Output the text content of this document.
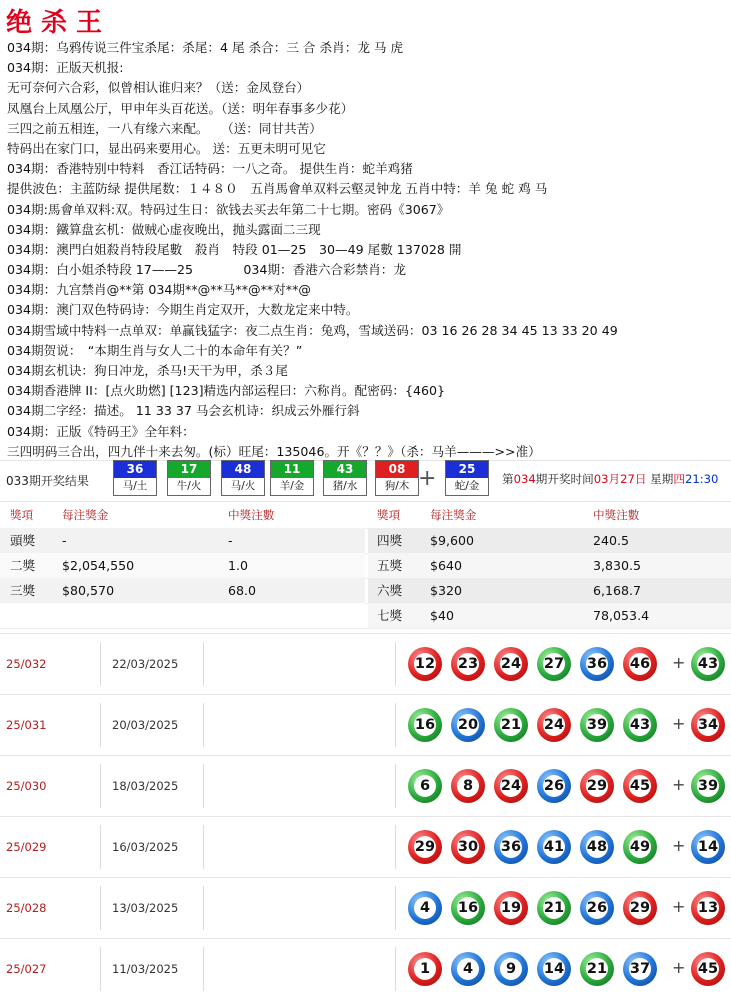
绝杀王
034期：乌鸦传说三件宝杀尾：杀尾：4 尾 杀合：三 合 杀肖：龙 马 虎
034期：正版天机报:
无可奈何六合彩，似曾相认谁归来？（送：金凤登台）
凤凰台上凤凰公厅，甲申年头百花送。（送：明年春事多少花）
三四之前五相连，一八有缘六来配。　　（送：同甘共苦）
特码出在家门口，显出码来要用心。 送：五更未明可见它
034期：香港特别中特料　香江话特码：一八之奇。 提供生肖：蛇羊鸡猪
提供波色：主蓝防绿 提供尾数：１４８０　五肖馬會单双料云壑灵钟龙 五肖中特：羊 兔 蛇 鸡 马
034期:馬會单双料:双。特码过生日：欲钱去买去年第二十七期。密码《3067》
034期：鐵算盘玄机：做贼心虚夜晚出，抛头露面二三现
034期：澳門白姐殺肖特段尾數　殺肖　特段 01—25　30—49 尾數 137028 開
034期：白小姐杀特段 17——25　　　　034期：香港六合彩禁肖：龙
034期：九宫禁肖@**第 034期**@**马**@**对**@
034期：澳门双色特码诗：今期生肖定双开，大数龙定来中特。
034期雪域中特料一点单双：单赢钱猛字：夜二点生肖：兔鸡，雪域送码：03 16 26 28 34 45 13 33 20 49
034期贺说：　“本期生肖与女人二十的本命年有关？”
034期玄机诀：狗日冲龙，杀马!天干为甲，杀３尾
034期香港牌 II：[点火助燃] [123]精选内部运程曰：六称肖。配密码：{460}
034期二字经：描述。 11 33 37 马会玄机诗：织成云外雁行斜
034期：正版《特码王》全年料：
三四明码三合出，四九伴十来去匆。(标）旺尾：135046。开《？？》（杀：马羊———>>准）
033期开奖结果
36
马/土
17
牛/火
48
马/火
11
羊/金
43
猪/水
08
狗/木
25
蛇/金
+	第034期开奖时间03月27日 星期四21:30
獎項 每注獎金	中獎注數	獎項	每注獎金	中獎注數
頭獎 -	-	四獎 $9,600	240.5
二獎 $2,054,550	1.0	五獎 $640	3,830.5
三獎 $80,570	68.0	六獎 $320	6,168.7
七獎 $40	78,053.4
25/032	22/03/2025	12 23 24 27 36 46 + 43
25/031	20/03/2025	16 20 21 24 39 43 + 34
25/030	18/03/2025	6	8	24 26 29 45 + 39
25/029	16/03/2025	29 30 36 41 48 49 + 14
25/028	13/03/2025	4	16 19 21 26 29 + 13
25/027	11/03/2025	1	4	9	14 21 37 + 45
